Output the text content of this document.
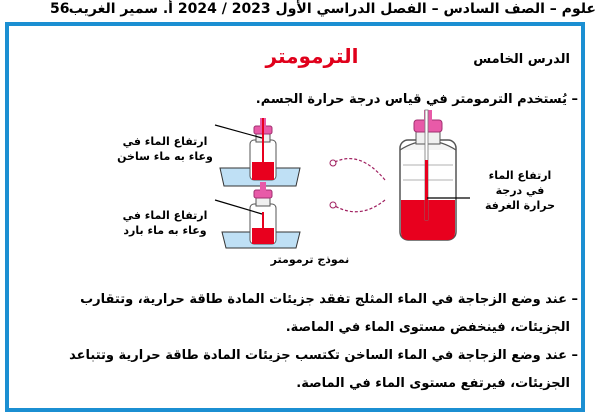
علوم – الصف السادس – الفصل الدراسي الأول 2023 / 2024 أ. سمير الغريب
56
الدرس الخامس
الترمومتر
– يُستخدم الترمومتر في قياس درجة حرارة الجسم.
ارتفاع الماء في
وعاء به ماء ساخن
ارتفاع الماء في
وعاء به ماء بارد
ارتفاع الماء
في درجة
حرارة الغرفة
نموذج ترمومتر
– عند وضع الزجاجة في الماء المثلج تفقد جزيئات المادة طاقة حرارية، وتتقارب
الجزيئات، فينخفض مستوى الماء في الماصة.
– عند وضع الزجاجة في الماء الساخن تكتسب جزيئات المادة طاقة حرارية وتتباعد
الجزيئات، فيرتفع مستوى الماء في الماصة.
